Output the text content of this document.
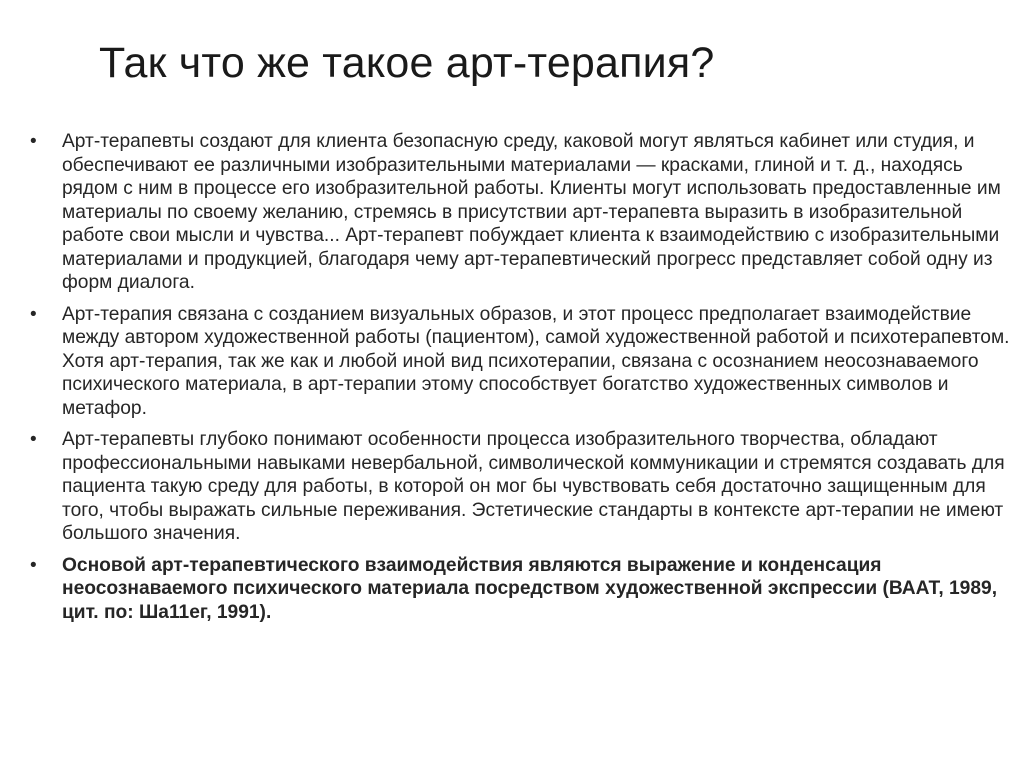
Так что же такое арт-терапия?
•	Арт-терапевты создают для клиента безопасную среду, каковой могут являться кабинет или студия, и обеспечивают ее различными изобразительными материалами — красками, глиной и т. д., находясь рядом с ним в процессе его изобразительной работы. Клиенты могут использовать предоставленные им материалы по своему желанию, стремясь в присутствии арт-терапевта выразить в изобразительной работе свои мысли и чувства... Арт-терапевт побуждает клиента к взаимодействию с изобразительными материалами и продукцией, благодаря чему арт-терапевтический прогресс представляет собой одну из форм диалога.
•	Арт-терапия связана с созданием визуальных образов, и этот процесс предполагает взаимодействие между автором художественной работы (пациентом), самой художественной работой и психотерапевтом. Хотя арт-терапия, так же как и любой иной вид психотерапии, связана с осознанием неосознаваемого психического материала, в арт-терапии этому способствует богатство художественных символов и метафор.
•	Арт-терапевты глубоко понимают особенности процесса изобразительного творчества, обладают профессиональными навыками невербальной, символической коммуникации и стремятся создавать для пациента такую среду для работы, в которой он мог бы чувствовать себя достаточно защищенным для того, чтобы выражать сильные переживания. Эстетические стандарты в контексте арт-терапии не имеют большого значения.
•	Основой арт-терапевтического взаимодействия являются выражение и конденсация неосознаваемого психического материала посредством художественной экспрессии (ВААТ, 1989, цит. по: Ша11ег, 1991).
